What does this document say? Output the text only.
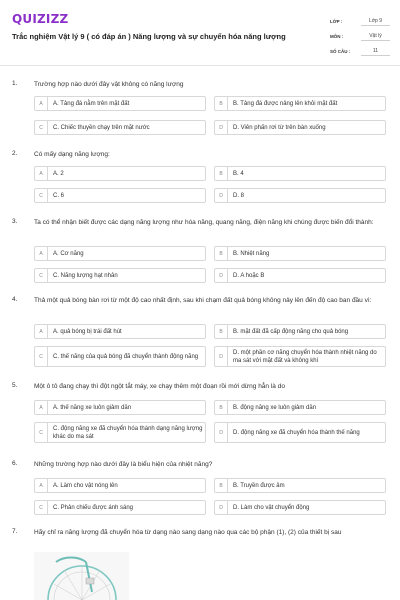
QUIZIZZ
Trắc nghiệm Vật lý 9 ( có đáp án ) Năng lượng và sự chuyển hóa năng lượng
LỚP :	Lớp 9
MÔN :	Vật lý
SỐ CÂU :	11
1.	Trường hợp nào dưới đây vật không có năng lượng
A	A. Tảng đá nằm trên mặt đất	B	B. Tảng đá được nâng lên khỏi mặt đất
C	C. Chiếc thuyền chạy trên mặt nước	D	D. Viên phấn rơi từ trên bàn xuống
2.	Có mấy dạng năng lượng:
A	A. 2	B	B. 4
C	C. 6	D	D. 8
3.	Ta có thể nhận biết được các dạng năng lượng như hóa năng, quang năng, điện năng khi chúng được biến đổi thành:
A	A. Cơ năng	B	B. Nhiệt năng
C	C. Năng lượng hạt nhân	D	D. A hoặc B
4.	Thả một quả bóng bàn rơi từ một độ cao nhất định, sau khi chạm đất quả bóng không nảy lên đến độ cao ban đầu vì:
A	A. quả bóng bị trái đất hút	B	B. mặt đất đã cấp động năng cho quả bóng
C	C. thế năng của quả bóng đã chuyển thành động năng	D
D. một phần cơ năng chuyển hóa thành nhiệt năng do ma sát với mặt đất và không khí
5.	Một ô tô đang chạy thì đột ngột tắt máy, xe chạy thêm một đoạn rồi mới dừng hẳn là do
A	A. thế năng xe luôn giảm dần	B	B. động năng xe luôn giảm dần
C
C. động năng xe đã chuyển hóa thành dạng năng lượng khác do ma sát
D	D. động năng xe đã chuyển hóa thành thế năng
6.	Những trường hợp nào dưới đây là biểu hiện của nhiệt năng?
A	A. Làm cho vật nóng lên	B	B. Truyền được âm
C	C. Phản chiếu được ánh sáng	D	D. Làm cho vật chuyển động
7.	Hãy chỉ ra năng lượng đã chuyển hóa từ dạng nào sang dạng nào qua các bộ phận (1), (2) của thiết bị sau
